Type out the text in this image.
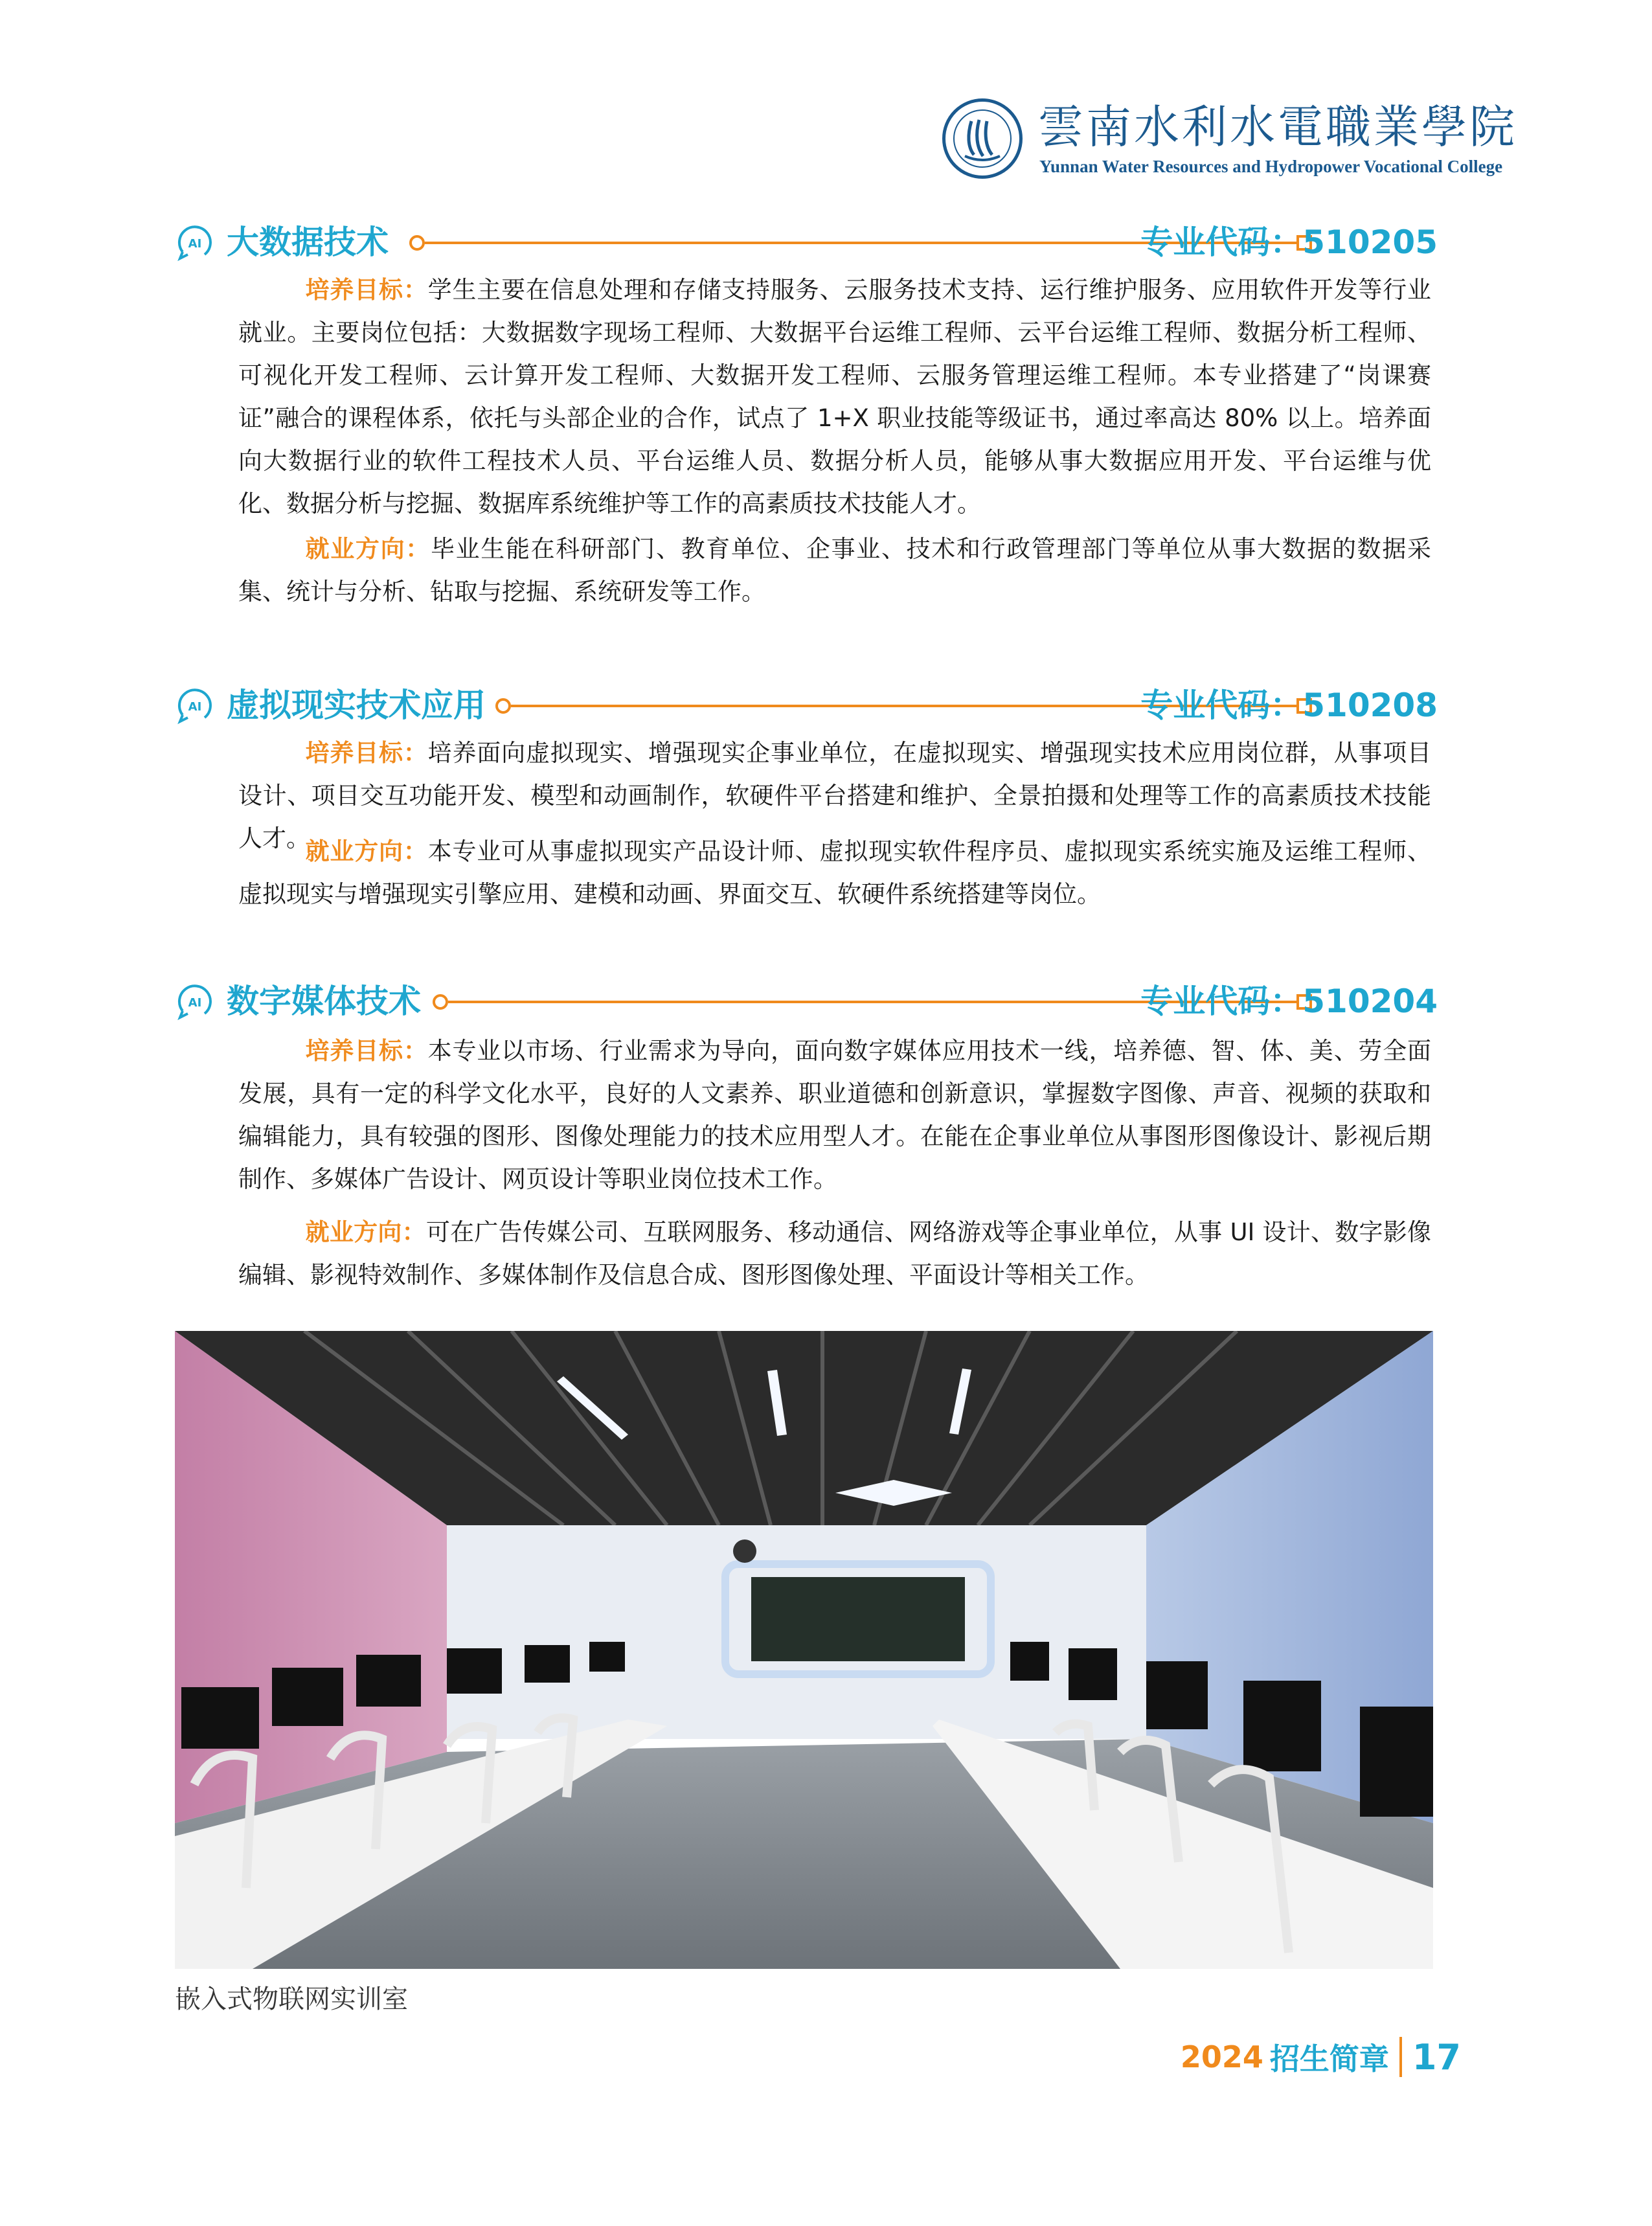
雲南水利水電職業學院
Yunnan Water Resources and Hydropower Vocational College
AI 大数据技术	专业代码：510205

培养目标：学生主要在信息处理和存储支持服务、云服务技术支持、运行维护服务、应用软件开发等行业就业。主要岗位包括：大数据数字现场工程师、大数据平台运维工程师、云平台运维工程师、数据分析工程师、可视化开发工程师、云计算开发工程师、大数据开发工程师、云服务管理运维工程师。本专业搭建了“岗课赛证”融合的课程体系，依托与头部企业的合作，试点了 1+X 职业技能等级证书，通过率高达 80% 以上。培养面向大数据行业的软件工程技术人员、平台运维人员、数据分析人员，能够从事大数据应用开发、平台运维与优化、数据分析与挖掘、数据库系统维护等工作的高素质技术技能人才。

就业方向：毕业生能在科研部门、教育单位、企事业、技术和行政管理部门等单位从事大数据的数据采集、统计与分析、钻取与挖掘、系统研发等工作。

AI 虚拟现实技术应用	专业代码：510208

培养目标：培养面向虚拟现实、增强现实企事业单位，在虚拟现实、增强现实技术应用岗位群，从事项目设计、项目交互功能开发、模型和动画制作，软硬件平台搭建和维护、全景拍摄和处理等工作的高素质技术技能人才。

就业方向：本专业可从事虚拟现实产品设计师、虚拟现实软件程序员、虚拟现实系统实施及运维工程师、虚拟现实与增强现实引擎应用、建模和动画、界面交互、软硬件系统搭建等岗位。

AI 数字媒体技术	专业代码：510204

培养目标：本专业以市场、行业需求为导向，面向数字媒体应用技术一线，培养德、智、体、美、劳全面发展，具有一定的科学文化水平，良好的人文素养、职业道德和创新意识，掌握数字图像、声音、视频的获取和编辑能力，具有较强的图形、图像处理能力的技术应用型人才。在能在企事业单位从事图形图像设计、影视后期制作、多媒体广告设计、网页设计等职业岗位技术工作。

就业方向：可在广告传媒公司、互联网服务、移动通信、网络游戏等企事业单位，从事 UI 设计、数字影像编辑、影视特效制作、多媒体制作及信息合成、图形图像处理、平面设计等相关工作。

嵌入式物联网实训室
2024 招生简章 17
